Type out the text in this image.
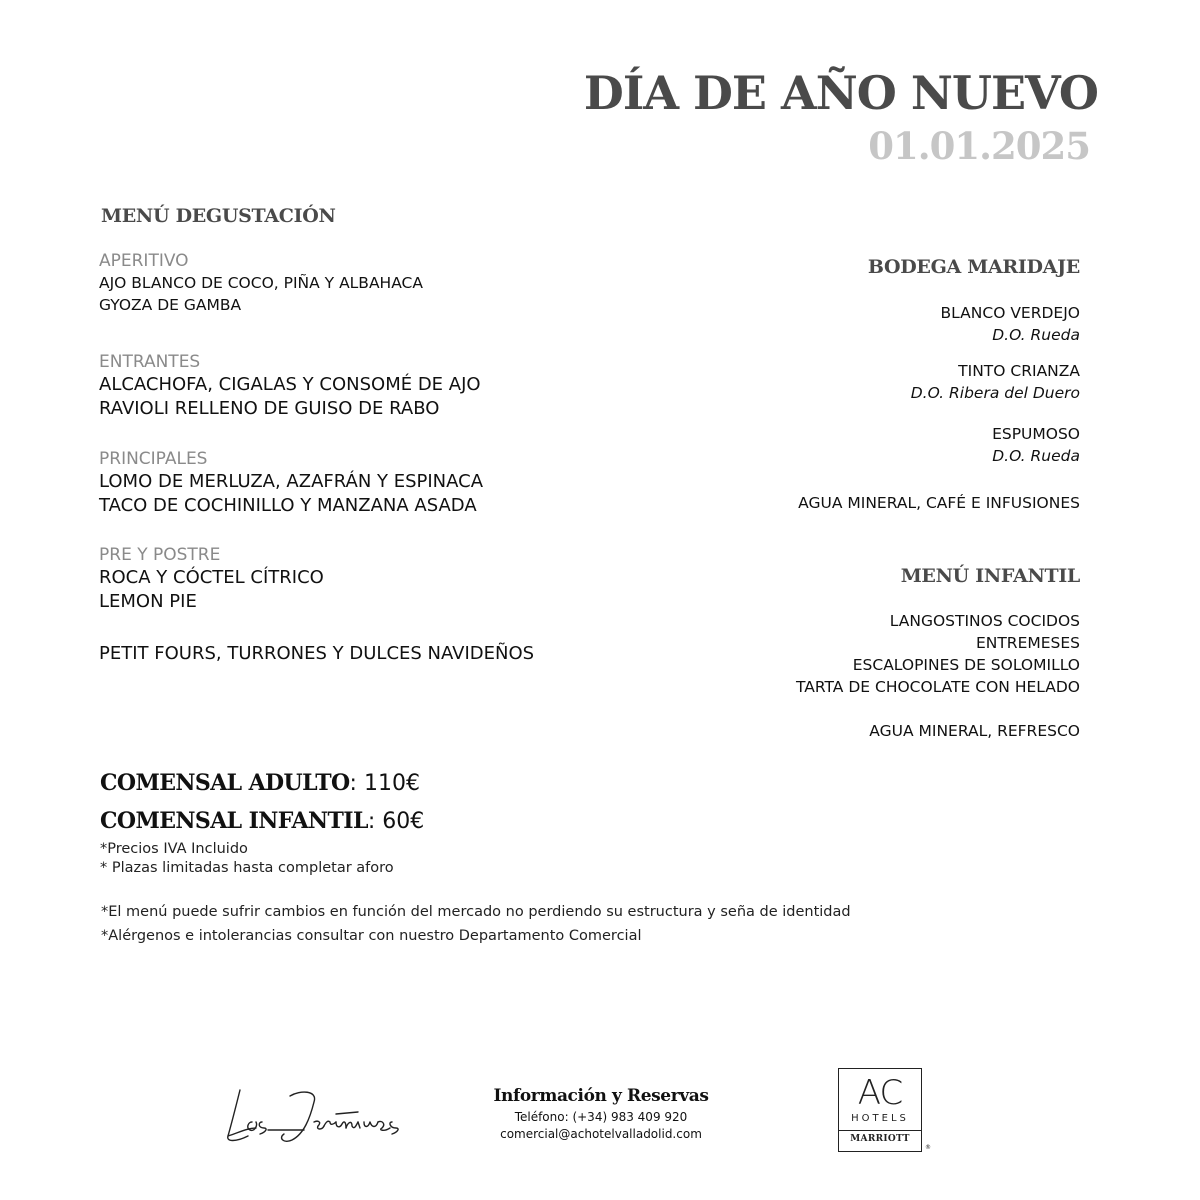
DÍA DE AÑO NUEVO
01.01.2025
MENÚ DEGUSTACIÓN
APERITIVO
AJO BLANCO DE COCO, PIÑA Y ALBAHACA
GYOZA DE GAMBA
ENTRANTES
ALCACHOFA, CIGALAS Y CONSOMÉ DE AJO
RAVIOLI RELLENO DE GUISO DE RABO
PRINCIPALES
LOMO DE MERLUZA, AZAFRÁN Y ESPINACA
TACO DE COCHINILLO Y MANZANA ASADA
PRE Y POSTRE
ROCA Y CÓCTEL CÍTRICO
LEMON PIE
PETIT FOURS, TURRONES Y DULCES NAVIDEÑOS
BODEGA MARIDAJE
BLANCO VERDEJO
D.O. Rueda
TINTO CRIANZA
D.O. Ribera del Duero
ESPUMOSO
D.O. Rueda
AGUA MINERAL, CAFÉ E INFUSIONES
MENÚ INFANTIL
LANGOSTINOS COCIDOS
ENTREMESES
ESCALOPINES DE SOLOMILLO
TARTA DE CHOCOLATE CON HELADO
AGUA MINERAL, REFRESCO
COMENSAL ADULTO: 110€
COMENSAL INFANTIL: 60€
*Precios IVA Incluido
* Plazas limitadas hasta completar aforo
*El menú puede sufrir cambios en función del mercado no perdiendo su estructura y seña de identidad
*Alérgenos e intolerancias consultar con nuestro Departamento Comercial
Información y Reservas
Teléfono: (+34) 983 409 920
comercial@achotelvalladolid.com
AC
HOTELS
MARRIOTT
®
